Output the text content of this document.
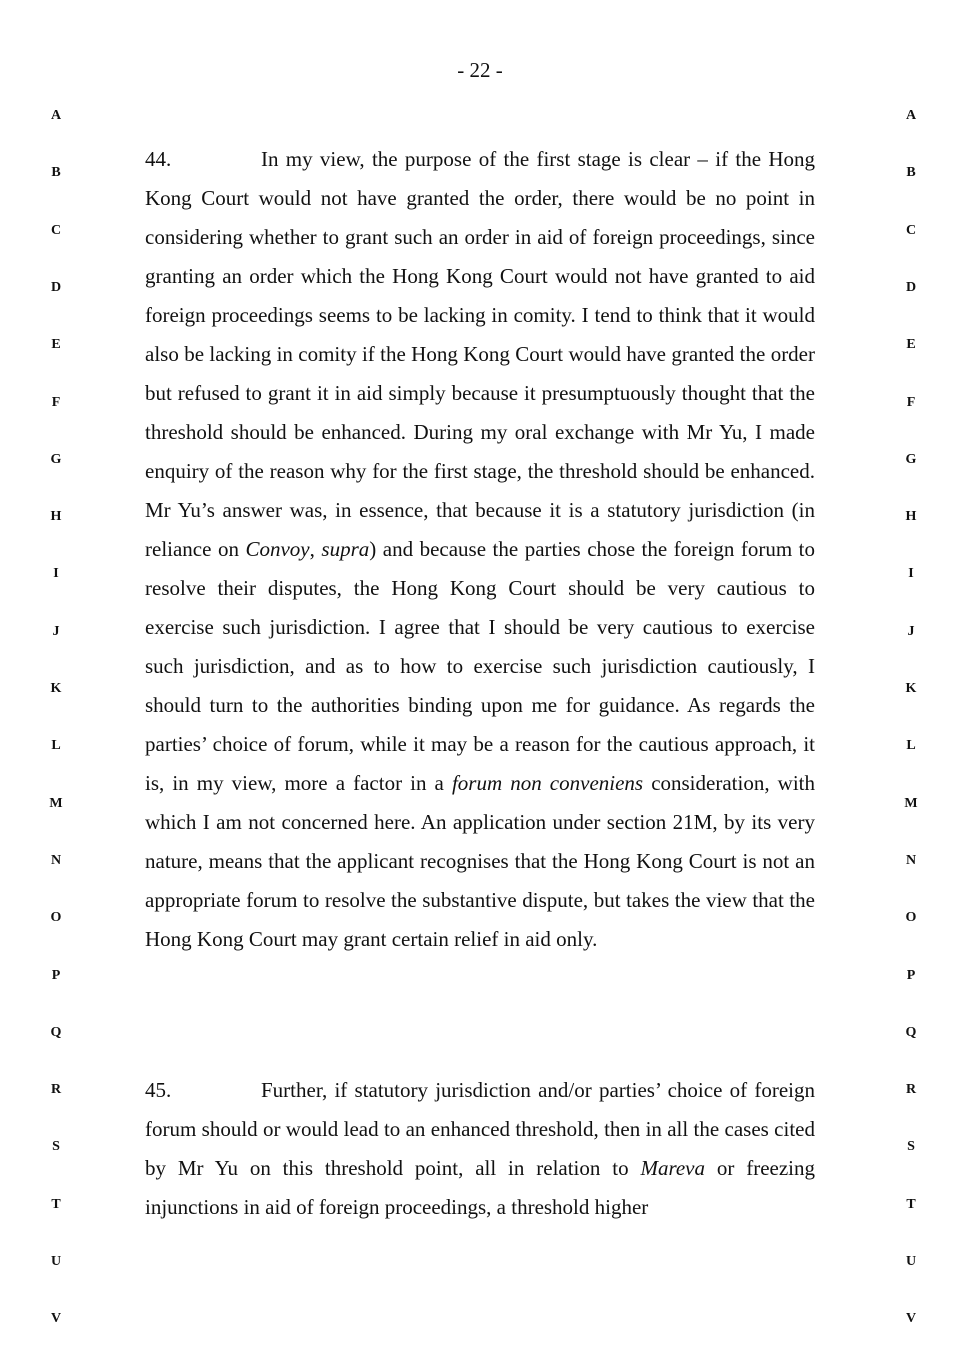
- 22 -
A	A
B	B
C	C
D	D
E	E
F	F
G	G
H	H
I	I
J	J
K	K
L	L
M	M
N	N
O	O
P	P
Q	Q
R	R
S	S
T	T
U	U
V	V

44.	In my view, the purpose of the first stage is clear – if the Hong Kong Court would not have granted the order, there would be no point in considering whether to grant such an order in aid of foreign proceedings, since granting an order which the Hong Kong Court would not have granted to aid foreign proceedings seems to be lacking in comity. I tend to think that it would also be lacking in comity if the Hong Kong Court would have granted the order but refused to grant it in aid simply because it presumptuously thought that the threshold should be enhanced. During my oral exchange with Mr Yu, I made enquiry of the reason why for the first stage, the threshold should be enhanced. Mr Yu’s answer was, in essence, that because it is a statutory jurisdiction (in reliance on Convoy, supra) and because the parties chose the foreign forum to resolve their disputes, the Hong Kong Court should be very cautious to exercise such jurisdiction. I agree that I should be very cautious to exercise such jurisdiction, and as to how to exercise such jurisdiction cautiously, I should turn to the authorities binding upon me for guidance. As regards the parties’ choice of forum, while it may be a reason for the cautious approach, it is, in my view, more a factor in a forum non conveniens consideration, with which I am not concerned here. An application under section 21M, by its very nature, means that the applicant recognises that the Hong Kong Court is not an appropriate forum to resolve the substantive dispute, but takes the view that the Hong Kong Court may grant certain relief in aid only.

45.	Further, if statutory jurisdiction and/or parties’ choice of foreign forum should or would lead to an enhanced threshold, then in all the cases cited by Mr Yu on this threshold point, all in relation to Mareva or freezing injunctions in aid of foreign proceedings, a threshold higher
